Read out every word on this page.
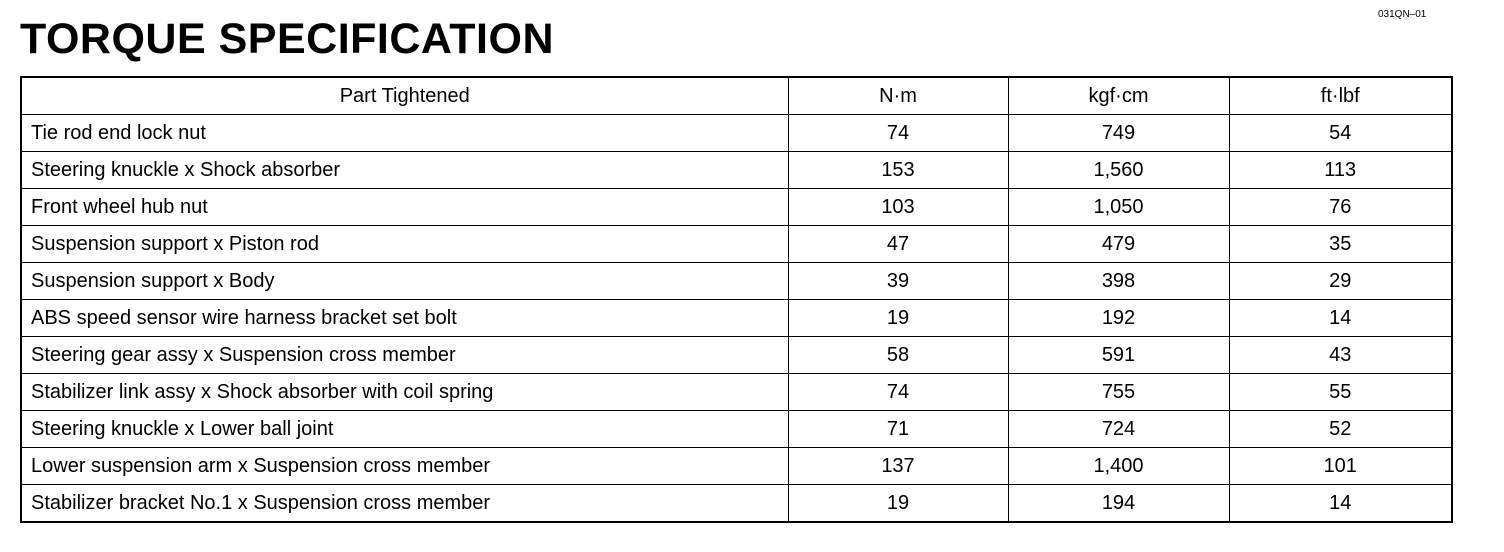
TORQUE SPECIFICATION
031QN–01
Part Tightened	N·m	kgf·cm	ft·lbf
Tie rod end lock nut	74	749	54
Steering knuckle x Shock absorber	153	1,560	113
Front wheel hub nut	103	1,050	76
Suspension support x Piston rod	47	479	35
Suspension support x Body	39	398	29
ABS speed sensor wire harness bracket set bolt	19	192	14
Steering gear assy x Suspension cross member	58	591	43
Stabilizer link assy x Shock absorber with coil spring	74	755	55
Steering knuckle x Lower ball joint	71	724	52
Lower suspension arm x Suspension cross member	137	1,400	101
Stabilizer bracket No.1 x Suspension cross member	19	194	14
